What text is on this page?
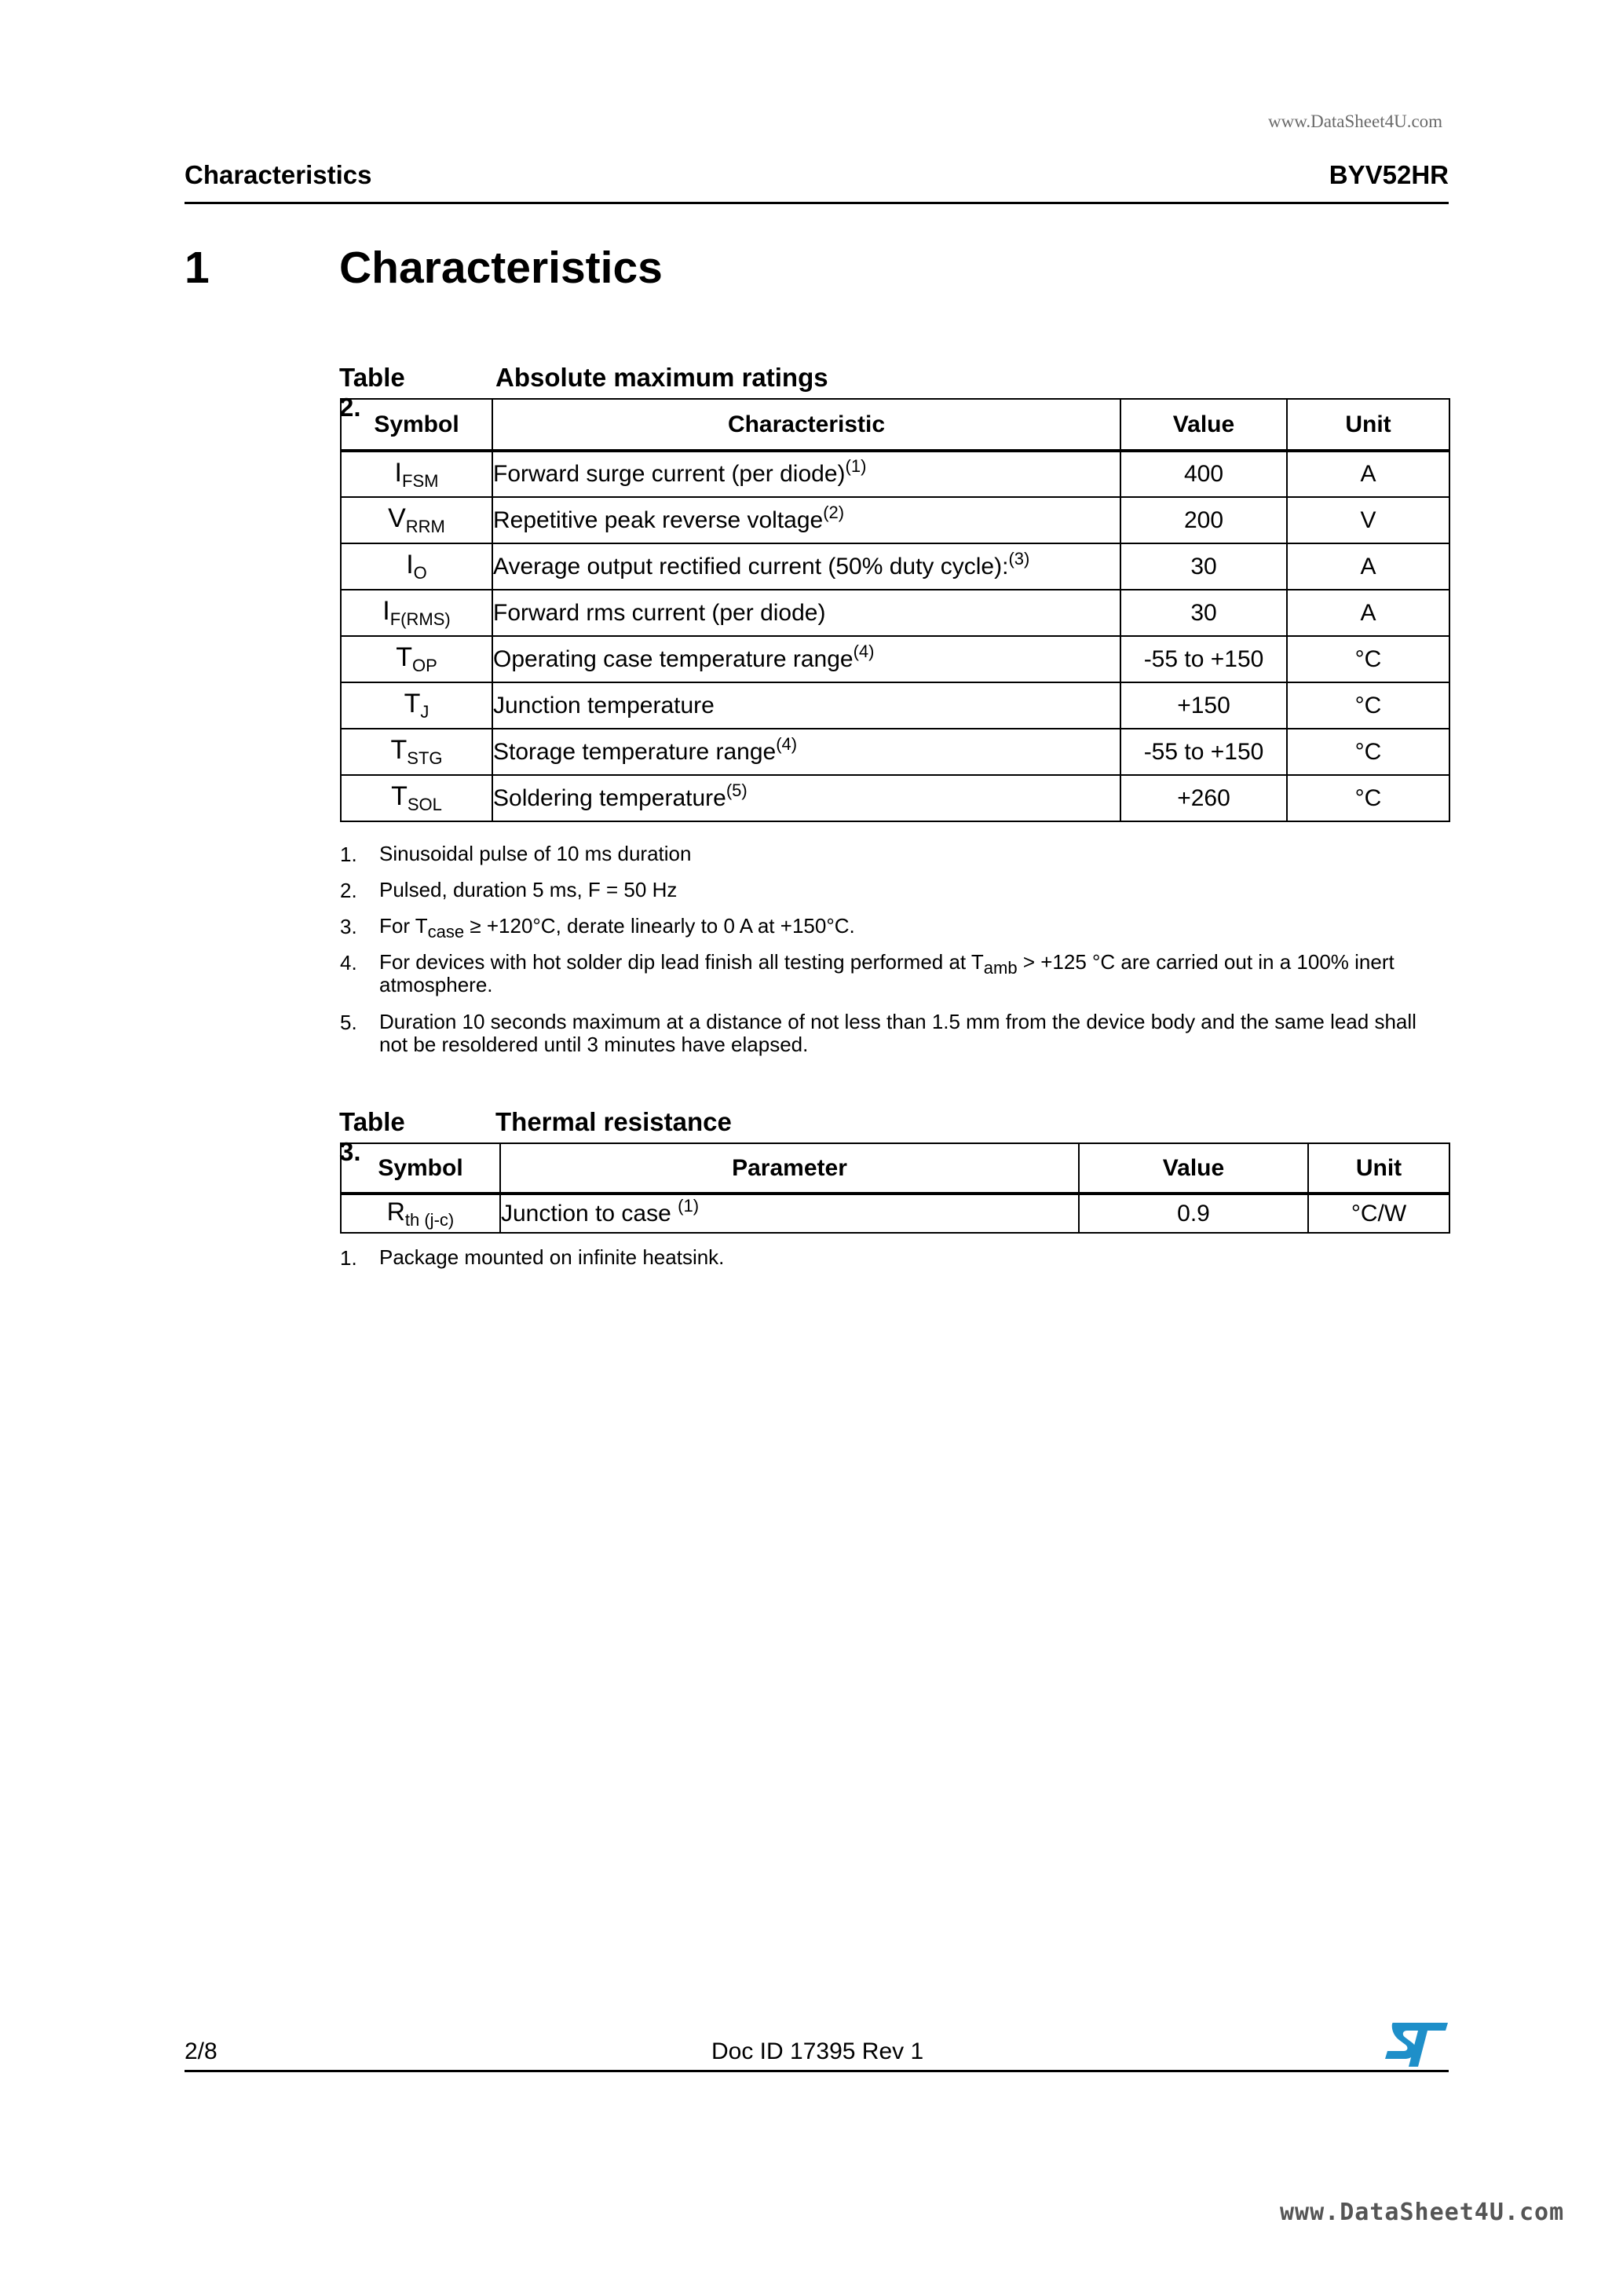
www.DataSheet4U.com
Characteristics	BYV52HR
1	Characteristics
Table 2.
Absolute maximum ratings
Symbol	Characteristic	Value	Unit
$I_{FSM}$	Forward surge current (per diode)$^{(1)}$	400	A
$V_{RRM}$	Repetitive peak reverse voltage$^{(2)}$	200	V
$I_O$	Average output rectified current (50% duty cycle):$^{(3)}$	30	A
$I_{F(RMS)}$	Forward rms current (per diode)	30	A
$T_{OP}$	Operating case temperature range$^{(4)}$	-55 to +150	°C
$T_J$	Junction temperature	+150	°C
$T_{STG}$	Storage temperature range$^{(4)}$	-55 to +150	°C
$T_{SOL}$	Soldering temperature$^{(5)}$	+260	°C
1. Sinusoidal pulse of 10 ms duration
2. Pulsed, duration 5 ms, F = 50 Hz
3. For $T_{case} \ge +120^\circ C$, derate linearly to 0 A at +150°C.
4. For devices with hot solder dip lead finish all testing performed at $T_{amb} > +125$ °C are carried out in a 100% inert atmosphere.
5. Duration 10 seconds maximum at a distance of not less than 1.5 mm from the device body and the same lead shall not be resoldered until 3 minutes have elapsed.
Table 3.
Thermal resistance
Symbol	Parameter	Value	Unit
$R_{th (j-c)}$	Junction to case $^{(1)}$	0.9	°C/W
1. Package mounted on infinite heatsink.
2/8	Doc ID 17395 Rev 1
www.DataSheet4U.com
